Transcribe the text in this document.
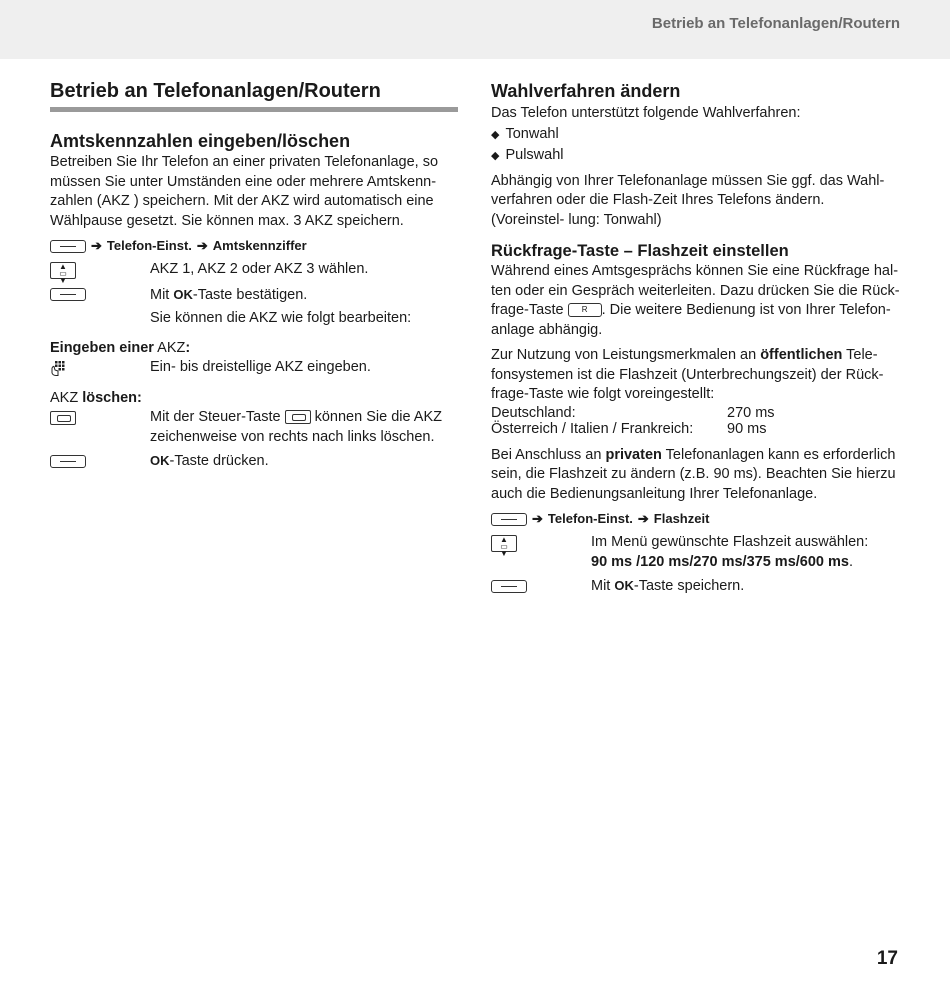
Betrieb an Telefonanlagen/Routern
Betrieb an Telefonanlagen/Routern
Amtskennzahlen eingeben/löschen

Betreiben Sie Ihr Telefon an einer privaten Telefonanlage, so müssen Sie unter Umständen eine oder mehrere Amtskenn- zahlen (AKZ ) speichern. Mit der AKZ wird automatisch eine Wählpause gesetzt. Sie können max. 3 AKZ speichern.

➔ Telefon-Einst. ➔ Amtskennziffer
▲
▭
▼
AKZ 1, AKZ 2 oder AKZ 3 wählen.
Mit OK-Taste bestätigen.
Sie können die AKZ wie folgt bearbeiten:

Eingeben einer AKZ:

Ein- bis dreistellige AKZ eingeben.

AKZ löschen:

Mit der Steuer-Taste  können Sie die AKZ zeichenweise von rechts nach links löschen.
OK-Taste drücken.
Wahlverfahren ändern

Das Telefon unterstützt folgende Wahlverfahren:

◆ Tonwahl
◆ Pulswahl

Abhängig von Ihrer Telefonanlage müssen Sie ggf. das Wahl- verfahren oder die Flash-Zeit Ihres Telefons ändern. (Voreinstel- lung: Tonwahl)

Rückfrage-Taste – Flashzeit einstellen

Während eines Amtsgesprächs können Sie eine Rückfrage hal- ten oder ein Gespräch weiterleiten. Dazu drücken Sie die Rück- frage-Taste R . Die weitere Bedienung ist von Ihrer Telefon- anlage abhängig.

Zur Nutzung von Leistungsmerkmalen an öffentlichen Tele- fonsystemen ist die Flashzeit (Unterbrechungszeit) der Rück- frage-Taste wie folgt voreingestellt:

Deutschland:	270 ms
Österreich / Italien / Frankreich:	90 ms

Bei Anschluss an privaten Telefonanlagen kann es erforderlich sein, die Flashzeit zu ändern (z.B. 90 ms). Beachten Sie hierzu auch die Bedienungsanleitung Ihrer Telefonanlage.

➔ Telefon-Einst. ➔ Flashzeit
▲
▭
▼
Im Menü gewünschte Flashzeit auswählen:
90 ms /120 ms/270 ms/375 ms/600 ms.
Mit OK-Taste speichern.
17
